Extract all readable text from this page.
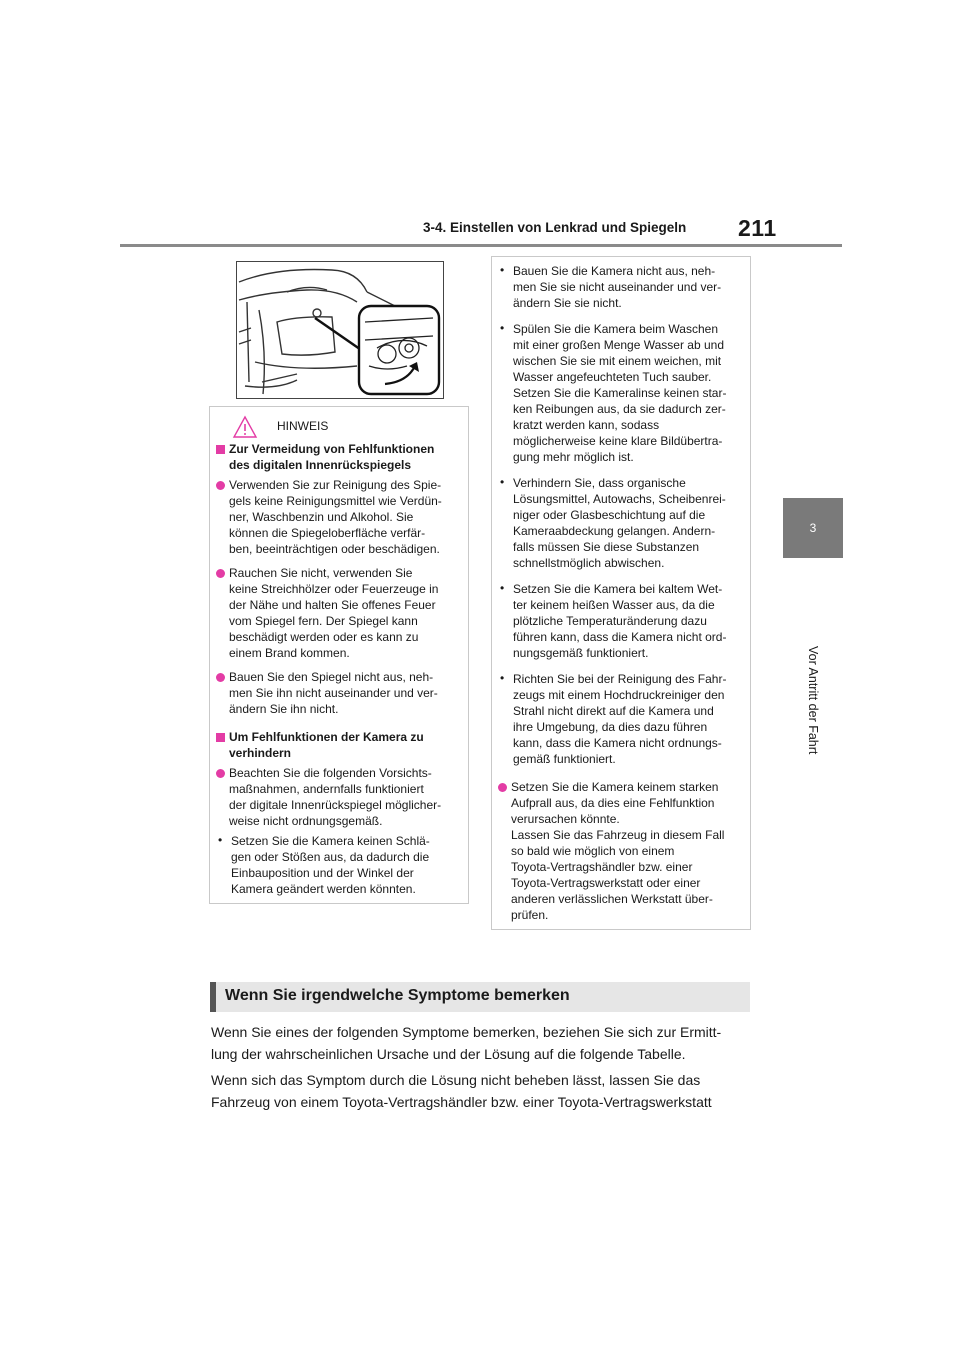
3-4. Einstellen von Lenkrad und Spiegeln 211
3
Vor Antritt der Fahrt
HINWEIS
Zur Vermeidung von Fehlfunktionen
des digitalen Innenrückspiegels
Verwenden Sie zur Reinigung des Spie-
gels keine Reinigungsmittel wie Verdün-
ner, Waschbenzin und Alkohol. Sie
können die Spiegeloberfläche verfär-
ben, beeinträchtigen oder beschädigen.
Rauchen Sie nicht, verwenden Sie
keine Streichhölzer oder Feuerzeuge in
der Nähe und halten Sie offenes Feuer
vom Spiegel fern. Der Spiegel kann
beschädigt werden oder es kann zu
einem Brand kommen.
Bauen Sie den Spiegel nicht aus, neh-
men Sie ihn nicht auseinander und ver-
ändern Sie ihn nicht.
Um Fehlfunktionen der Kamera zu
verhindern
Beachten Sie die folgenden Vorsichts-
maßnahmen, andernfalls funktioniert
der digitale Innenrückspiegel möglicher-
weise nicht ordnungsgemäß.
• Setzen Sie die Kamera keinen Schlä-
gen oder Stößen aus, da dadurch die
Einbauposition und der Winkel der
Kamera geändert werden könnten.
• Bauen Sie die Kamera nicht aus, neh-
men Sie sie nicht auseinander und ver-
ändern Sie sie nicht.
• Spülen Sie die Kamera beim Waschen
mit einer großen Menge Wasser ab und
wischen Sie sie mit einem weichen, mit
Wasser angefeuchteten Tuch sauber.
Setzen Sie die Kameralinse keinen star-
ken Reibungen aus, da sie dadurch zer-
kratzt werden kann, sodass
möglicherweise keine klare Bildübertra-
gung mehr möglich ist.
• Verhindern Sie, dass organische
Lösungsmittel, Autowachs, Scheibenrei-
niger oder Glasbeschichtung auf die
Kameraabdeckung gelangen. Andern-
falls müssen Sie diese Substanzen
schnellstmöglich abwischen.
• Setzen Sie die Kamera bei kaltem Wet-
ter keinem heißen Wasser aus, da die
plötzliche Temperaturänderung dazu
führen kann, dass die Kamera nicht ord-
nungsgemäß funktioniert.
• Richten Sie bei der Reinigung des Fahr-
zeugs mit einem Hochdruckreiniger den
Strahl nicht direkt auf die Kamera und
ihre Umgebung, da dies dazu führen
kann, dass die Kamera nicht ordnungs-
gemäß funktioniert.
Setzen Sie die Kamera keinem starken
Aufprall aus, da dies eine Fehlfunktion
verursachen könnte.
Lassen Sie das Fahrzeug in diesem Fall
so bald wie möglich von einem
Toyota-Vertragshändler bzw. einer
Toyota-Vertragswerkstatt oder einer
anderen verlässlichen Werkstatt über-
prüfen.
Wenn Sie irgendwelche Symptome bemerken
Wenn Sie eines der folgenden Symptome bemerken, beziehen Sie sich zur Ermitt-
lung der wahrscheinlichen Ursache und der Lösung auf die folgende Tabelle.
Wenn sich das Symptom durch die Lösung nicht beheben lässt, lassen Sie das
Fahrzeug von einem Toyota-Vertragshändler bzw. einer Toyota-Vertragswerkstatt
